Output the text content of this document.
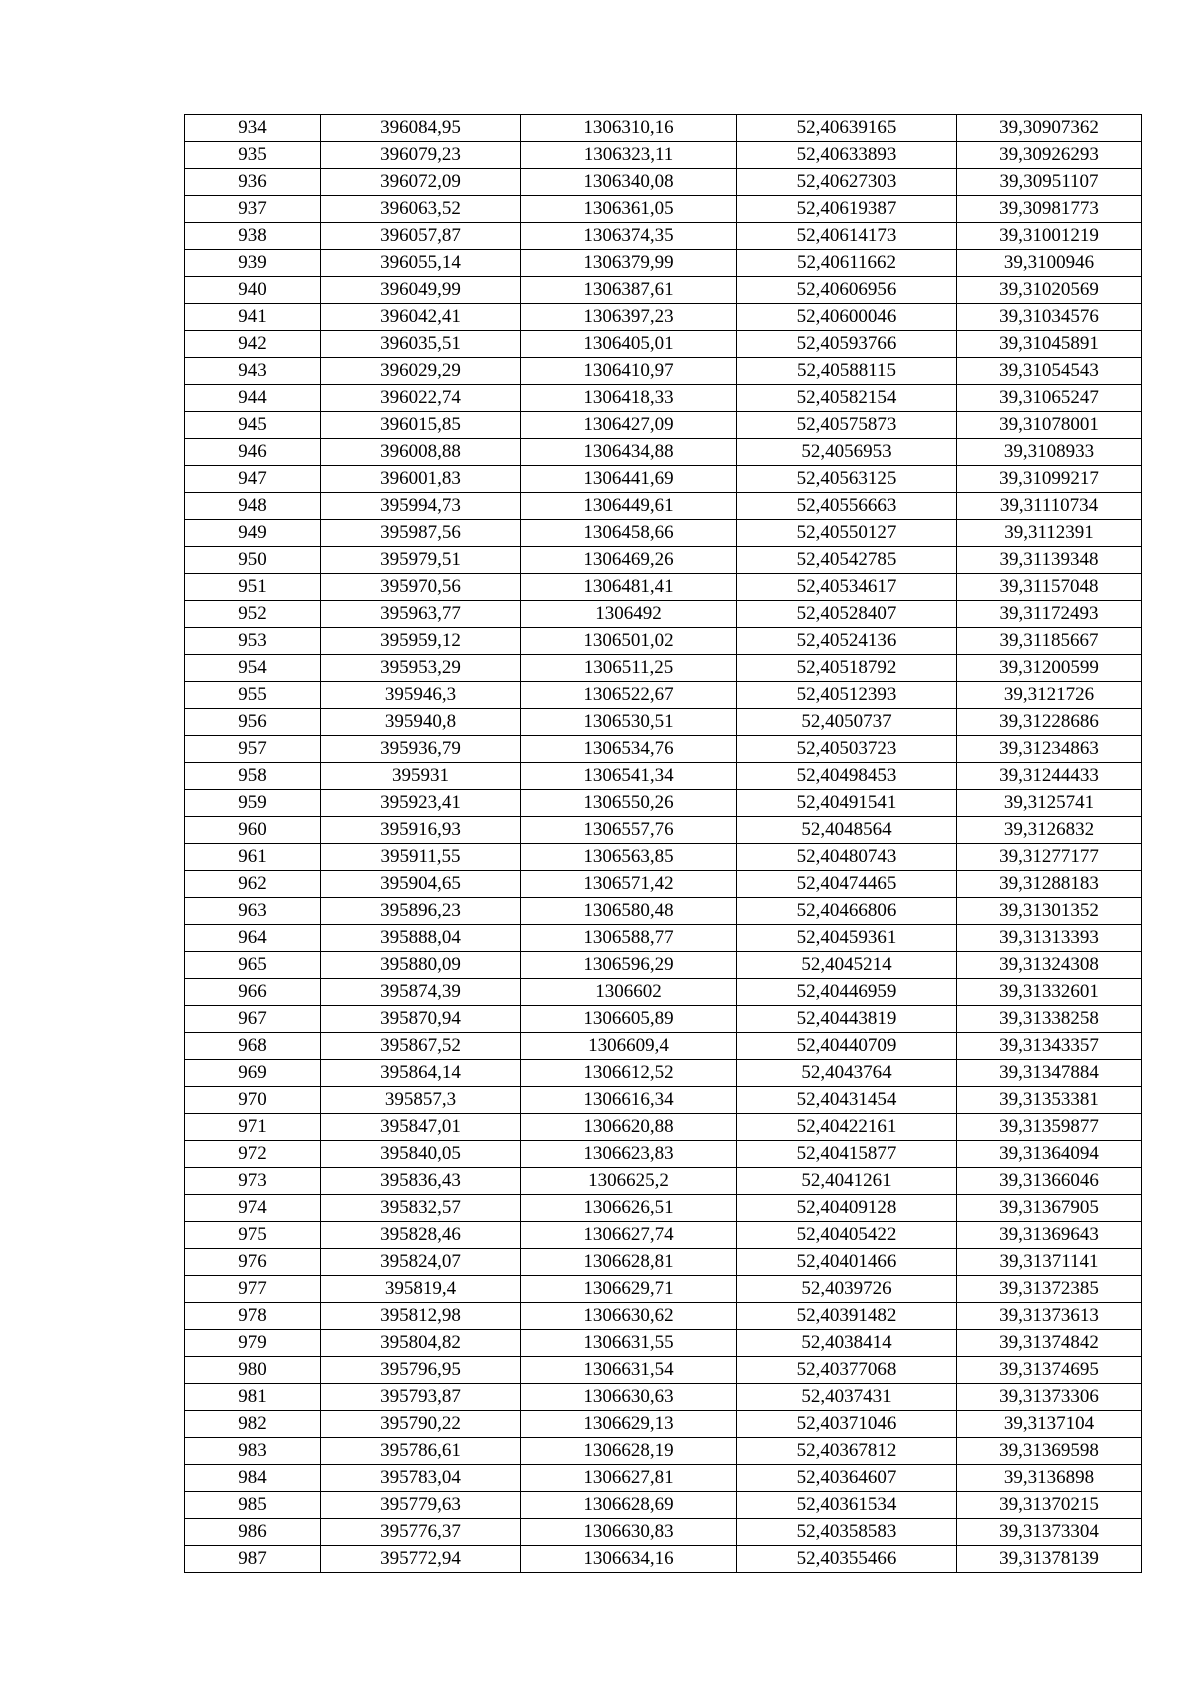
934	396084,95	1306310,16	52,40639165	39,30907362
935	396079,23	1306323,11	52,40633893	39,30926293
936	396072,09	1306340,08	52,40627303	39,30951107
937	396063,52	1306361,05	52,40619387	39,30981773
938	396057,87	1306374,35	52,40614173	39,31001219
939	396055,14	1306379,99	52,40611662	39,3100946
940	396049,99	1306387,61	52,40606956	39,31020569
941	396042,41	1306397,23	52,40600046	39,31034576
942	396035,51	1306405,01	52,40593766	39,31045891
943	396029,29	1306410,97	52,40588115	39,31054543
944	396022,74	1306418,33	52,40582154	39,31065247
945	396015,85	1306427,09	52,40575873	39,31078001
946	396008,88	1306434,88	52,4056953	39,3108933
947	396001,83	1306441,69	52,40563125	39,31099217
948	395994,73	1306449,61	52,40556663	39,31110734
949	395987,56	1306458,66	52,40550127	39,3112391
950	395979,51	1306469,26	52,40542785	39,31139348
951	395970,56	1306481,41	52,40534617	39,31157048
952	395963,77	1306492	52,40528407	39,31172493
953	395959,12	1306501,02	52,40524136	39,31185667
954	395953,29	1306511,25	52,40518792	39,31200599
955	395946,3	1306522,67	52,40512393	39,3121726
956	395940,8	1306530,51	52,4050737	39,31228686
957	395936,79	1306534,76	52,40503723	39,31234863
958	395931	1306541,34	52,40498453	39,31244433
959	395923,41	1306550,26	52,40491541	39,3125741
960	395916,93	1306557,76	52,4048564	39,3126832
961	395911,55	1306563,85	52,40480743	39,31277177
962	395904,65	1306571,42	52,40474465	39,31288183
963	395896,23	1306580,48	52,40466806	39,31301352
964	395888,04	1306588,77	52,40459361	39,31313393
965	395880,09	1306596,29	52,4045214	39,31324308
966	395874,39	1306602	52,40446959	39,31332601
967	395870,94	1306605,89	52,40443819	39,31338258
968	395867,52	1306609,4	52,40440709	39,31343357
969	395864,14	1306612,52	52,4043764	39,31347884
970	395857,3	1306616,34	52,40431454	39,31353381
971	395847,01	1306620,88	52,40422161	39,31359877
972	395840,05	1306623,83	52,40415877	39,31364094
973	395836,43	1306625,2	52,4041261	39,31366046
974	395832,57	1306626,51	52,40409128	39,31367905
975	395828,46	1306627,74	52,40405422	39,31369643
976	395824,07	1306628,81	52,40401466	39,31371141
977	395819,4	1306629,71	52,4039726	39,31372385
978	395812,98	1306630,62	52,40391482	39,31373613
979	395804,82	1306631,55	52,4038414	39,31374842
980	395796,95	1306631,54	52,40377068	39,31374695
981	395793,87	1306630,63	52,4037431	39,31373306
982	395790,22	1306629,13	52,40371046	39,3137104
983	395786,61	1306628,19	52,40367812	39,31369598
984	395783,04	1306627,81	52,40364607	39,3136898
985	395779,63	1306628,69	52,40361534	39,31370215
986	395776,37	1306630,83	52,40358583	39,31373304
987	395772,94	1306634,16	52,40355466	39,31378139
